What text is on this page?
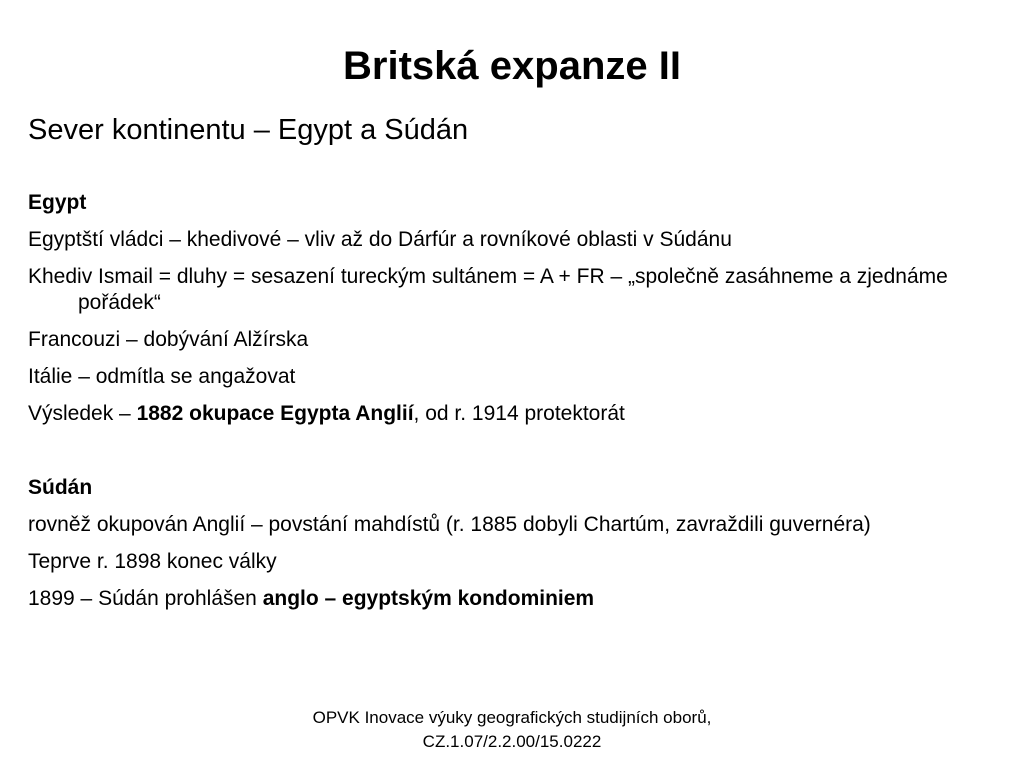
Britská expanze II
Sever kontinentu – Egypt a Súdán
Egypt
Egyptští vládci – khedivové – vliv až do Dárfúr a rovníkové oblasti v Súdánu
Khediv Ismail = dluhy = sesazení tureckým sultánem = A + FR – „společně zasáhneme a zjednáme pořádek“
Francouzi – dobývání Alžírska
Itálie – odmítla se angažovat
Výsledek – 1882 okupace Egypta Anglií, od r. 1914 protektorát
Súdán
rovněž okupován Anglií – povstání mahdístů (r. 1885 dobyli Chartúm, zavraždili guvernéra)
Teprve r. 1898 konec války
1899 – Súdán prohlášen anglo – egyptským kondominiem
OPVK Inovace výuky geografických studijních oborů,
CZ.1.07/2.2.00/15.0222
